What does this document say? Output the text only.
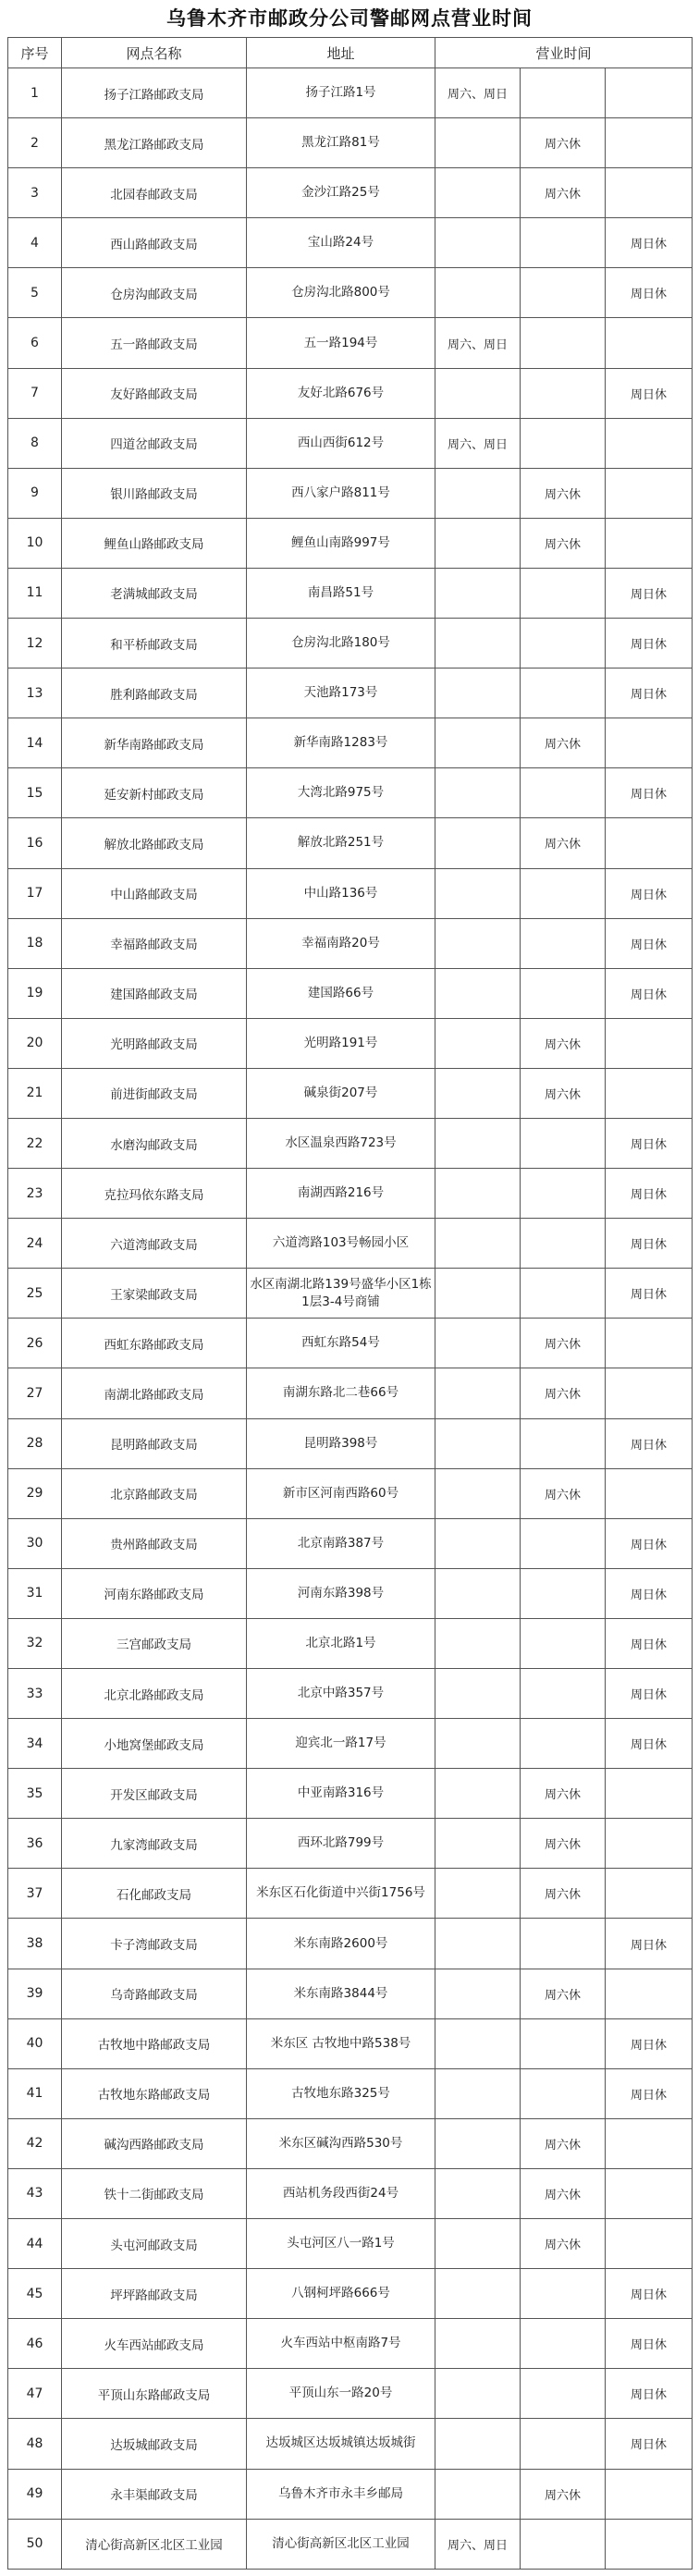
乌鲁木齐市邮政分公司警邮网点营业时间
序号	网点名称	地址	营业时间		
1	扬子江路邮政支局	扬子江路1号	周六、周日		
2	黑龙江路邮政支局	黑龙江路81号		周六休	
3	北园春邮政支局	金沙江路25号		周六休	
4	西山路邮政支局	宝山路24号			周日休
5	仓房沟邮政支局	仓房沟北路800号			周日休
6	五一路邮政支局	五一路194号	周六、周日		
7	友好路邮政支局	友好北路676号			周日休
8	四道岔邮政支局	西山西街612号	周六、周日		
9	银川路邮政支局	西八家户路811号		周六休	
10	鲤鱼山路邮政支局	鲤鱼山南路997号		周六休	
11	老满城邮政支局	南昌路51号			周日休
12	和平桥邮政支局	仓房沟北路180号			周日休
13	胜利路邮政支局	天池路173号			周日休
14	新华南路邮政支局	新华南路1283号		周六休	
15	延安新村邮政支局	大湾北路975号			周日休
16	解放北路邮政支局	解放北路251号		周六休	
17	中山路邮政支局	中山路136号			周日休
18	幸福路邮政支局	幸福南路20号			周日休
19	建国路邮政支局	建国路66号			周日休
20	光明路邮政支局	光明路191号		周六休	
21	前进街邮政支局	碱泉街207号		周六休	
22	水磨沟邮政支局	水区温泉西路723号			周日休
23	克拉玛依东路支局	南湖西路216号			周日休
24	六道湾邮政支局	六道湾路103号畅园小区			周日休
25	王家梁邮政支局	水区南湖北路139号盛华小区1栋 1层3-4号商铺			周日休
26	西虹东路邮政支局	西虹东路54号		周六休	
27	南湖北路邮政支局	南湖东路北二巷66号		周六休	
28	昆明路邮政支局	昆明路398号			周日休
29	北京路邮政支局	新市区河南西路60号		周六休	
30	贵州路邮政支局	北京南路387号			周日休
31	河南东路邮政支局	河南东路398号			周日休
32	三宫邮政支局	北京北路1号			周日休
33	北京北路邮政支局	北京中路357号			周日休
34	小地窝堡邮政支局	迎宾北一路17号			周日休
35	开发区邮政支局	中亚南路316号		周六休	
36	九家湾邮政支局	西环北路799号		周六休	
37	石化邮政支局	米东区石化街道中兴街1756号		周六休	
38	卡子湾邮政支局	米东南路2600号			周日休
39	乌奇路邮政支局	米东南路3844号		周六休	
40	古牧地中路邮政支局	米东区 古牧地中路538号			周日休
41	古牧地东路邮政支局	古牧地东路325号			周日休
42	碱沟西路邮政支局	米东区碱沟西路530号		周六休	
43	铁十二街邮政支局	西站机务段西街24号		周六休	
44	头屯河邮政支局	头屯河区八一路1号		周六休	
45	坪坪路邮政支局	八钢柯坪路666号			周日休
46	火车西站邮政支局	火车西站中枢南路7号			周日休
47	平顶山东路邮政支局	平顶山东一路20号			周日休
48	达坂城邮政支局	达坂城区达坂城镇达坂城街			周日休
49	永丰渠邮政支局	乌鲁木齐市永丰乡邮局		周六休	
50	清心街高新区北区工业园	清心街高新区北区工业园	周六、周日		
